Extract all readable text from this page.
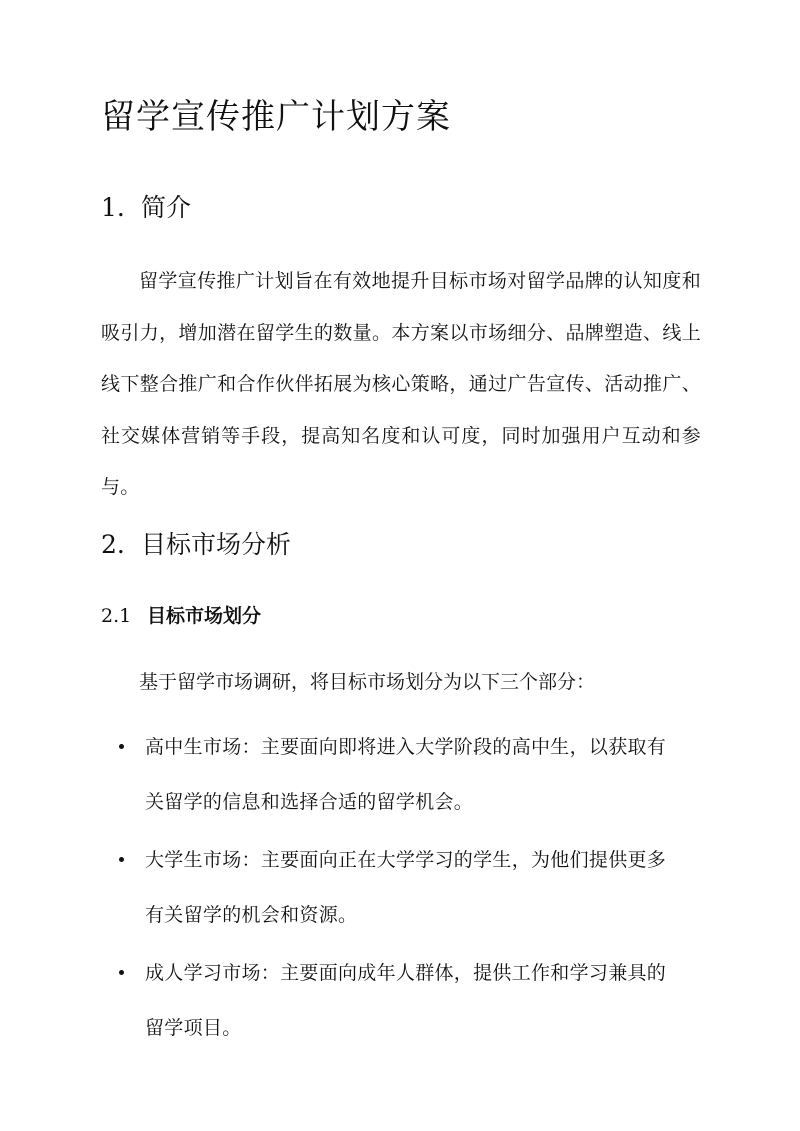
留学宣传推广计划方案
1. 简介

留学宣传推广计划旨在有效地提升目标市场对留学品牌的认知度和吸引力，增加潜在留学生的数量。本方案以市场细分、品牌塑造、线上线下整合推广和合作伙伴拓展为核心策略，通过广告宣传、活动推广、社交媒体营销等手段，提高知名度和认可度，同时加强用户互动和参与。

2. 目标市场分析
2.1 目标市场划分

基于留学市场调研，将目标市场划分为以下三个部分：

高中生市场：主要面向即将进入大学阶段的高中生，以获取有关留学的信息和选择合适的留学机会。
大学生市场：主要面向正在大学学习的学生，为他们提供更多有关留学的机会和资源。
成人学习市场：主要面向成年人群体，提供工作和学习兼具的留学项目。
